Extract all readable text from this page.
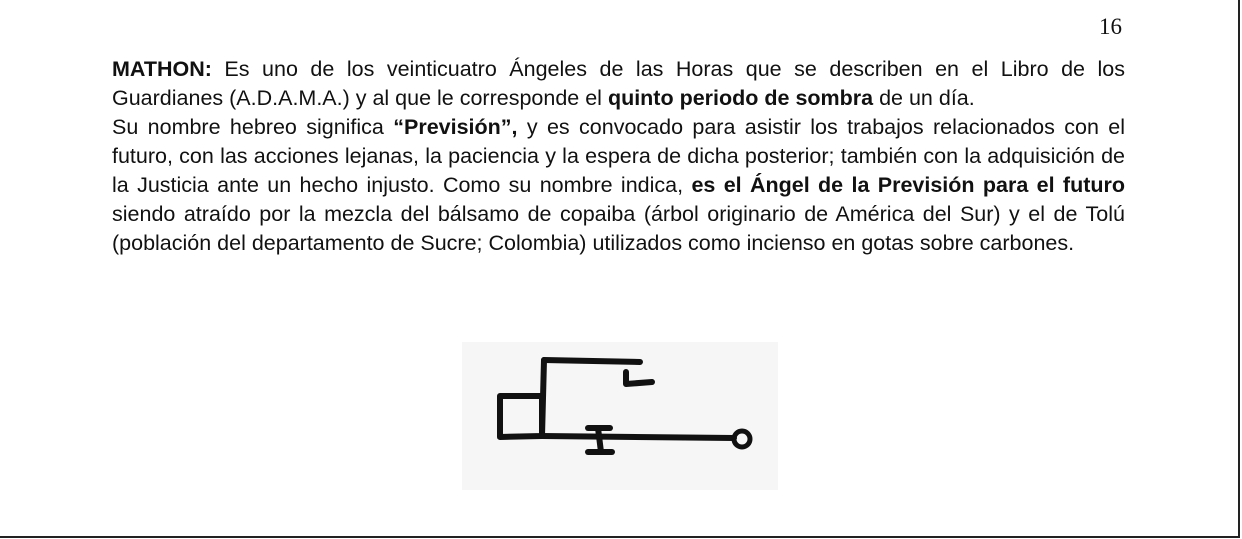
16

MATHON: Es uno de los veinticuatro Ángeles de las Horas que se describen en el Libro de los Guardianes (A.D.A.M.A.) y al que le corresponde el quinto periodo de sombra de un día.

Su nombre hebreo significa “Previsión”, y es convocado para asistir los trabajos relacionados con el futuro, con las acciones lejanas, la paciencia y la espera de dicha posterior; también con la adquisición de la Justicia ante un hecho injusto. Como su nombre indica, es el Ángel de la Previsión para el futuro siendo atraído por la mezcla del bálsamo de copaiba (árbol originario de América del Sur) y el de Tolú (población del departamento de Sucre; Colombia) utilizados como incienso en gotas sobre carbones.
